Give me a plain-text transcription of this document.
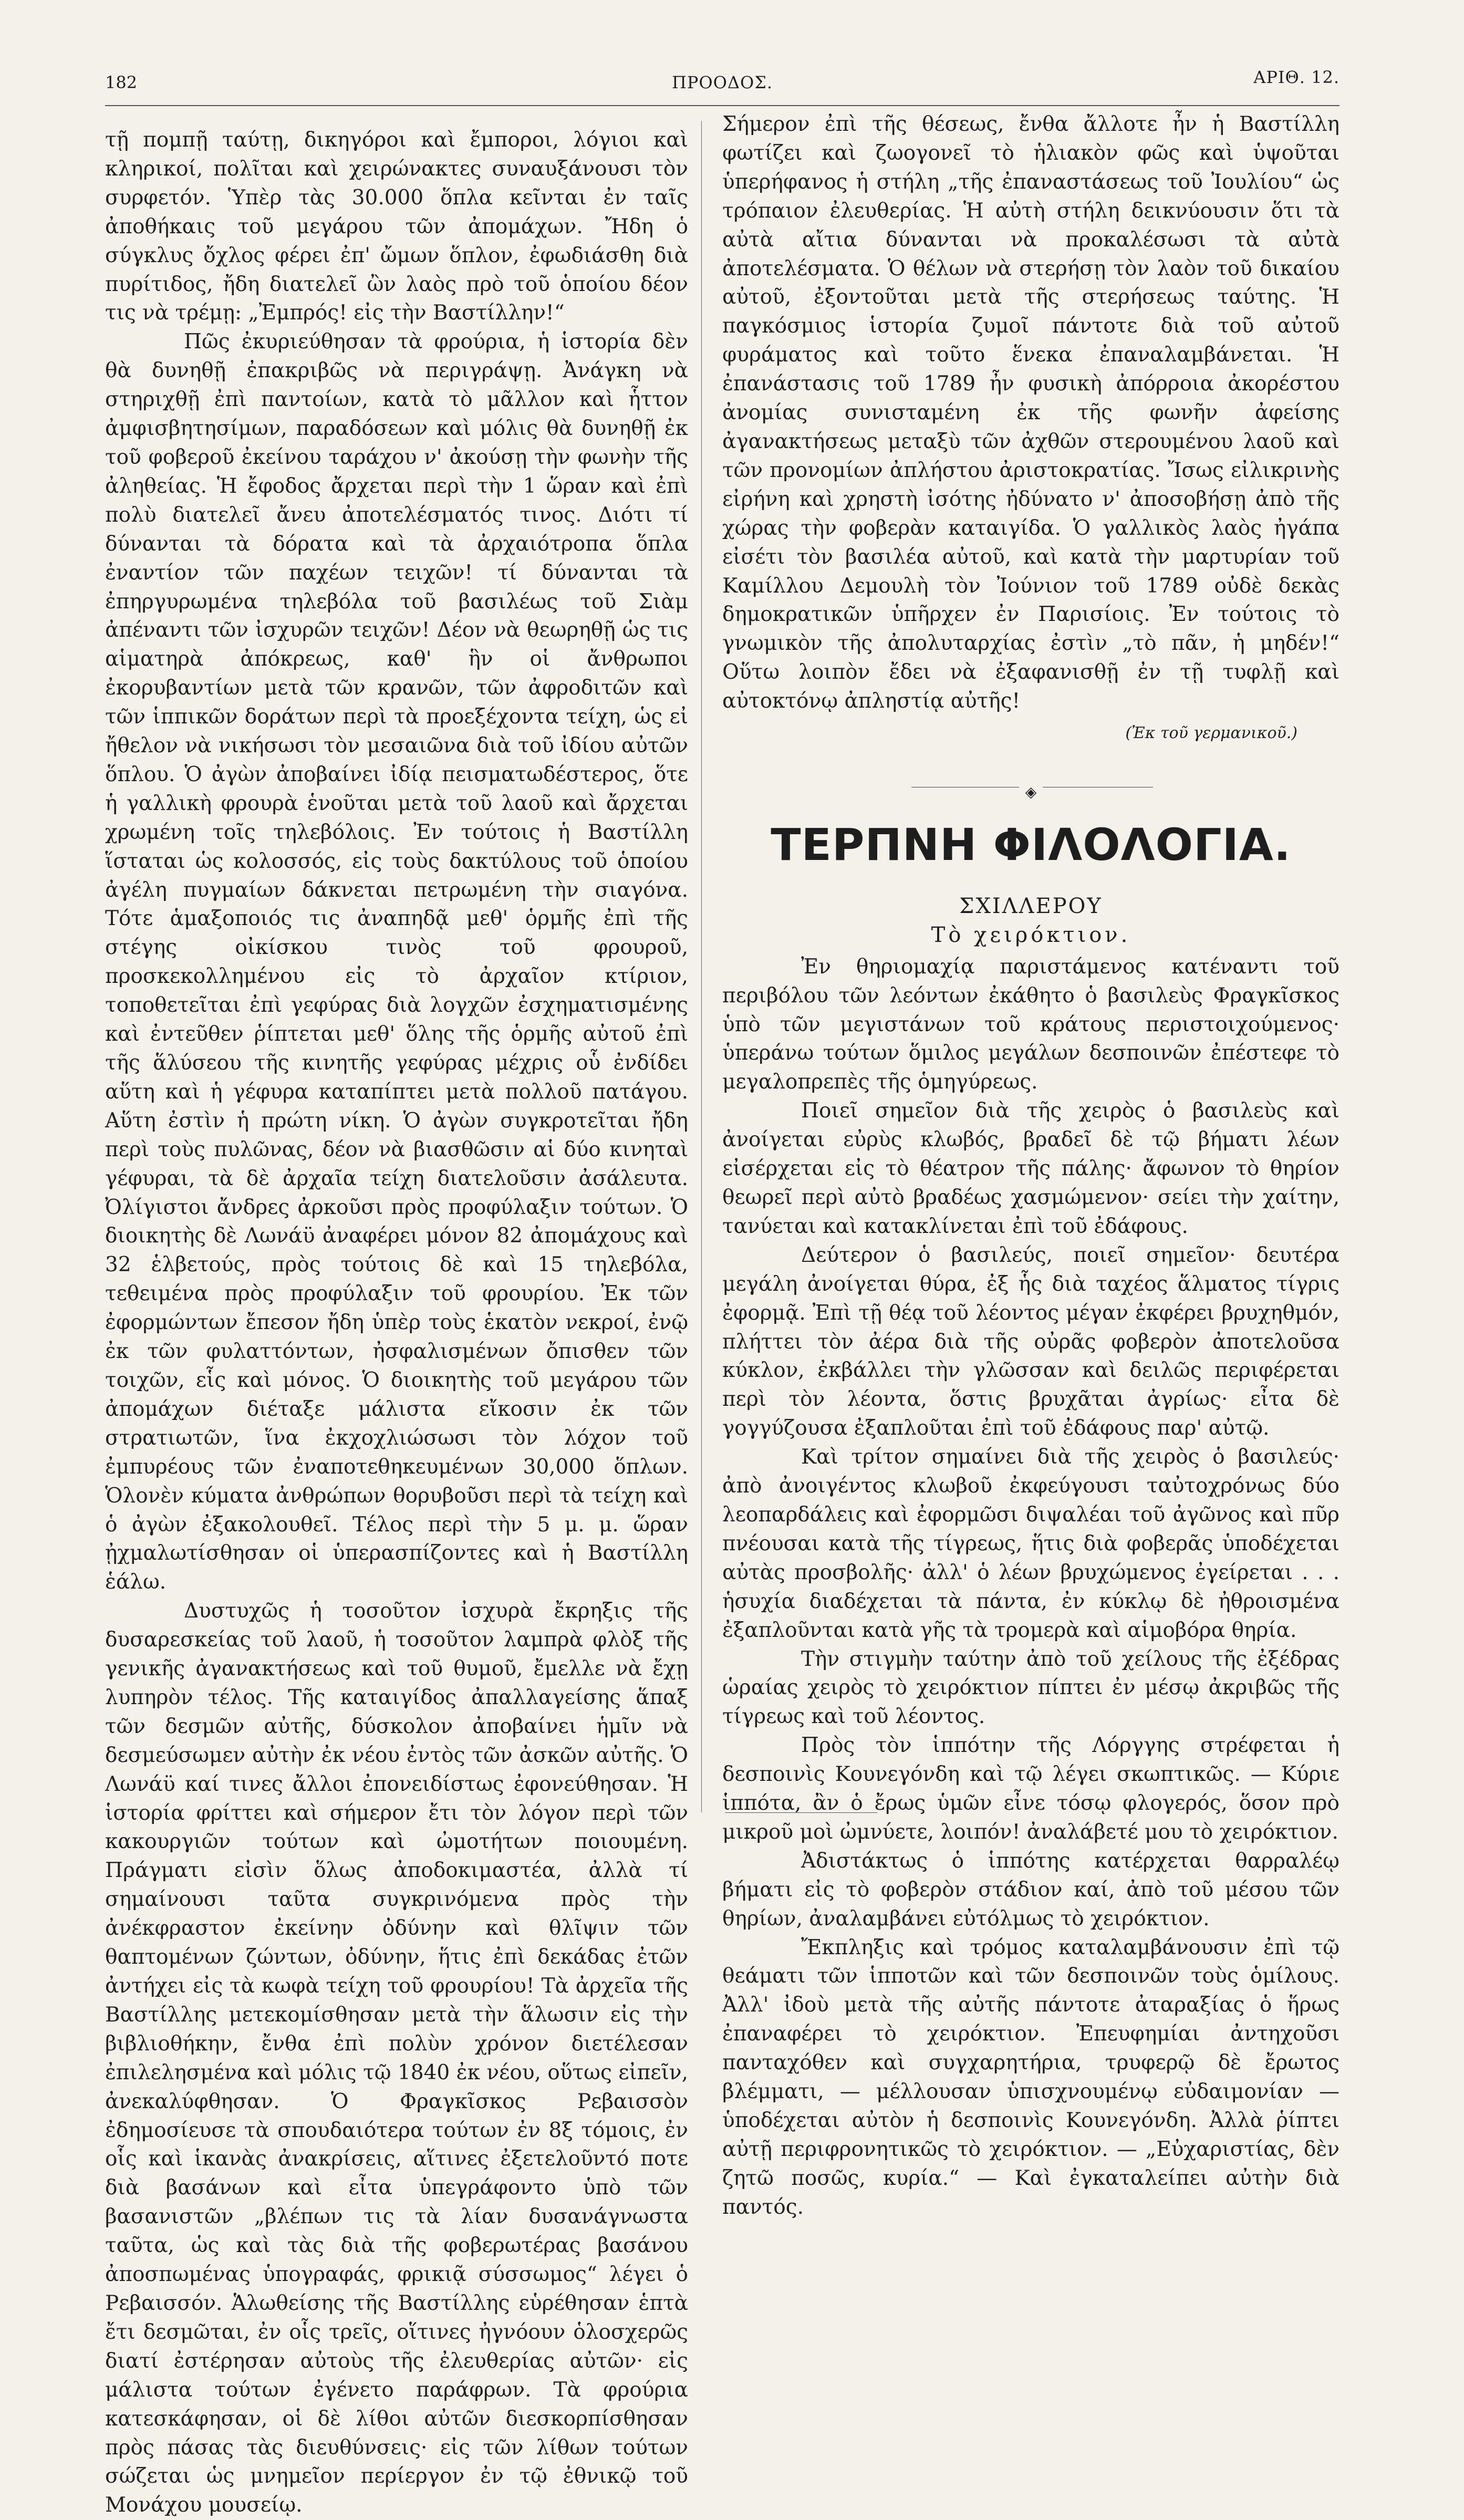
182	ΠΡΟΟΔΟΣ.	ΑΡΙΘ. 12.

τῇ πομπῇ ταύτῃ, δικηγόροι καὶ ἔμποροι, λόγιοι καὶ κληρικοί, πολῖται καὶ χειρώνακτες συναυξάνουσι τὸν συρφετόν. Ὑπὲρ τὰς 30.000 ὅπλα κεῖνται ἐν ταῖς ἀποθήκαις τοῦ μεγάρου τῶν ἀπομάχων. Ἤδη ὁ σύγκλυς ὄχλος φέρει ἐπ' ὤμων ὅπλον, ἐφωδιάσθη διὰ πυρίτιδος, ἤδη διατελεῖ ὢν λαὸς πρὸ τοῦ ὁποίου δέον τις νὰ τρέμῃ: „Ἐμπρός! εἰς τὴν Βαστίλλην!“

Πῶς ἐκυριεύθησαν τὰ φρούρια, ἡ ἱστορία δὲν θὰ δυνηθῇ ἐπακριβῶς νὰ περιγράψῃ. Ἀνάγκη νὰ στηριχθῇ ἐπὶ παντοίων, κατὰ τὸ μᾶλλον καὶ ἧττον ἀμφισβητησίμων, παραδόσεων καὶ μόλις θὰ δυνηθῇ ἐκ τοῦ φοβεροῦ ἐκείνου ταράχου ν' ἀκούσῃ τὴν φωνὴν τῆς ἀληθείας. Ἡ ἔφοδος ἄρχεται περὶ τὴν 1 ὥραν καὶ ἐπὶ πολὺ διατελεῖ ἄνευ ἀποτελέσματός τινος. Διότι τί δύνανται τὰ δόρατα καὶ τὰ ἀρχαιότροπα ὅπλα ἐναντίον τῶν παχέων τειχῶν! τί δύνανται τὰ ἐπηργυρωμένα τηλεβόλα τοῦ βασιλέως τοῦ Σιὰμ ἀπέναντι τῶν ἰσχυρῶν τειχῶν! Δέον νὰ θεωρηθῇ ὡς τις αἱματηρὰ ἀπόκρεως, καθ' ἣν οἱ ἄνθρωποι ἐκορυβαντίων μετὰ τῶν κρανῶν, τῶν ἀφροδιτῶν καὶ τῶν ἱππικῶν δοράτων περὶ τὰ προεξέχοντα τείχη, ὡς εἰ ἤθελον νὰ νικήσωσι τὸν μεσαιῶνα διὰ τοῦ ἰδίου αὐτῶν ὅπλου. Ὁ ἀγὼν ἀποβαίνει ἰδίᾳ πεισματωδέστερος, ὅτε ἡ γαλλικὴ φρουρὰ ἑνοῦται μετὰ τοῦ λαοῦ καὶ ἄρχεται χρωμένη τοῖς τηλεβόλοις. Ἐν τούτοις ἡ Βαστίλλη ἵσταται ὡς κολοσσός, εἰς τοὺς δακτύλους τοῦ ὁποίου ἀγέλη πυγμαίων δάκνεται πετρωμένη τὴν σιαγόνα. Τότε ἁμαξοποιός τις ἀναπηδᾷ μεθ' ὁρμῆς ἐπὶ τῆς στέγης οἰκίσκου τινὸς τοῦ φρουροῦ, προσκεκολλημένου εἰς τὸ ἀρχαῖον κτίριον, τοποθετεῖται ἐπὶ γεφύρας διὰ λογχῶν ἐσχηματισμένης καὶ ἐντεῦθεν ῥίπτεται μεθ' ὅλης τῆς ὁρμῆς αὐτοῦ ἐπὶ τῆς ἅλύσεου τῆς κινητῆς γεφύρας μέχρις οὗ ἐνδίδει αὕτη καὶ ἡ γέφυρα καταπίπτει μετὰ πολλοῦ πατάγου. Αὕτη ἐστὶν ἡ πρώτη νίκη. Ὁ ἀγὼν συγκροτεῖται ἤδη περὶ τοὺς πυλῶνας, δέον νὰ βιασθῶσιν αἱ δύο κινηταὶ γέφυραι, τὰ δὲ ἀρχαῖα τείχη διατελοῦσιν ἀσάλευτα. Ὀλίγιστοι ἄνδρες ἀρκοῦσι πρὸς προφύλαξιν τούτων. Ὁ διοικητὴς δὲ Λωνάϋ ἀναφέρει μόνον 82 ἀπομάχους καὶ 32 ἑλβετούς, πρὸς τούτοις δὲ καὶ 15 τηλεβόλα, τεθειμένα πρὸς προφύλαξιν τοῦ φρουρίου. Ἐκ τῶν ἐφορμώντων ἔπεσον ἤδη ὑπὲρ τοὺς ἑκατὸν νεκροί, ἐνῷ ἐκ τῶν φυλαττόντων, ἠσφαλισμένων ὄπισθεν τῶν τοιχῶν, εἷς καὶ μόνος. Ὁ διοικητὴς τοῦ μεγάρου τῶν ἀπομάχων διέταξε μάλιστα εἴκοσιν ἐκ τῶν στρατιωτῶν, ἵνα ἐκχοχλιώσωσι τὸν λόχον τοῦ ἐμπυρέους τῶν ἐναποτεθηκευμένων 30,000 ὅπλων. Ὁλονὲν κύματα ἀνθρώπων θορυβοῦσι περὶ τὰ τείχη καὶ ὁ ἀγὼν ἐξακολουθεῖ. Τέλος περὶ τὴν 5 μ. μ. ὥραν ᾐχμαλωτίσθησαν οἱ ὑπερασπίζοντες καὶ ἡ Βαστίλλη ἑάλω.

Δυστυχῶς ἡ τοσοῦτον ἰσχυρὰ ἔκρηξις τῆς δυσαρεσκείας τοῦ λαοῦ, ἡ τοσοῦτον λαμπρὰ φλὸξ τῆς γενικῆς ἀγανακτήσεως καὶ τοῦ θυμοῦ, ἔμελλε νὰ ἔχῃ λυπηρὸν τέλος. Τῆς καταιγίδος ἀπαλλαγείσης ἅπαξ τῶν δεσμῶν αὐτῆς, δύσκολον ἀποβαίνει ἡμῖν νὰ δεσμεύσωμεν αὐτὴν ἐκ νέου ἐντὸς τῶν ἀσκῶν αὐτῆς. Ὁ Λωνάϋ καί τινες ἄλλοι ἐπονειδίστως ἐφονεύθησαν. Ἡ ἱστορία φρίττει καὶ σήμερον ἔτι τὸν λόγον περὶ τῶν κακουργιῶν τούτων καὶ ὠμοτήτων ποιουμένη. Πράγματι εἰσὶν ὅλως ἀποδοκιμαστέα, ἀλλὰ τί σημαίνουσι ταῦτα συγκρινόμενα πρὸς τὴν ἀνέκφραστον ἐκείνην ὀδύνην καὶ θλῖψιν τῶν θαπτομένων ζώντων, ὀδύνην, ἥτις ἐπὶ δεκάδας ἐτῶν ἀντήχει εἰς τὰ κωφὰ τείχη τοῦ φρουρίου! Τὰ ἀρχεῖα τῆς Βαστίλλης μετεκομίσθησαν μετὰ τὴν ἅλωσιν εἰς τὴν βιβλιοθήκην, ἔνθα ἐπὶ πολὺν χρόνον διετέλεσαν ἐπιλελησμένα καὶ μόλις τῷ 1840 ἐκ νέου, οὕτως εἰπεῖν, ἀνεκαλύφθησαν. Ὁ Φραγκῖσκος Ρεβαισσὸν ἐδημοσίευσε τὰ σπουδαιότερα τούτων ἐν 8ξ τόμοις, ἐν οἷς καὶ ἱκανὰς ἀνακρίσεις, αἵτινες ἐξετελοῦντό ποτε διὰ βασάνων καὶ εἶτα ὑπεγράφοντο ὑπὸ τῶν βασανιστῶν „βλέπων τις τὰ λίαν δυσανάγνωστα ταῦτα, ὡς καὶ τὰς διὰ τῆς φοβερωτέρας βασάνου ἀποσπωμένας ὑπογραφάς, φρικιᾷ σύσσωμος“ λέγει ὁ Ρεβαισσόν. Ἁλωθείσης τῆς Βαστίλλης εὑρέθησαν ἑπτὰ ἔτι δεσμῶται, ἐν οἷς τρεῖς, οἵτινες ἠγνόουν ὁλοσχερῶς διατί ἐστέρησαν αὐτοὺς τῆς ἐλευθερίας αὐτῶν· εἰς μάλιστα τούτων ἐγένετο παράφρων. Τὰ φρούρια κατεσκάφησαν, οἱ δὲ λίθοι αὐτῶν διεσκορπίσθησαν πρὸς πάσας τὰς διευθύνσεις· εἰς τῶν λίθων τούτων σώζεται ὡς μνημεῖον περίεργον ἐν τῷ ἐθνικῷ τοῦ Μονάχου μουσείῳ.

Σήμερον ἐπὶ τῆς θέσεως, ἔνθα ἄλλοτε ἦν ἡ Βαστίλλη φωτίζει καὶ ζωογονεῖ τὸ ἡλιακὸν φῶς καὶ ὑψοῦται ὑπερήφανος ἡ στήλη „τῆς ἐπαναστάσεως τοῦ Ἰουλίου“ ὡς τρόπαιον ἐλευθερίας. Ἡ αὐτὴ στήλη δεικνύουσιν ὅτι τὰ αὐτὰ αἴτια δύνανται νὰ προκαλέσωσι τὰ αὐτὰ ἀποτελέσματα. Ὁ θέλων νὰ στερήσῃ τὸν λαὸν τοῦ δικαίου αὐτοῦ, ἐξοντοῦται μετὰ τῆς στερήσεως ταύτης. Ἡ παγκόσμιος ἱστορία ζυμοῖ πάντοτε διὰ τοῦ αὐτοῦ φυράματος καὶ τοῦτο ἕνεκα ἐπαναλαμβάνεται. Ἡ ἐπανάστασις τοῦ 1789 ἦν φυσικὴ ἀπόρροια ἀκορέστου ἀνομίας συνισταμένη ἐκ τῆς φωνῆν ἀφείσης ἀγανακτήσεως μεταξὺ τῶν ἀχθῶν στερουμένου λαοῦ καὶ τῶν προνομίων ἀπλήστου ἀριστοκρατίας. Ἴσως εἰλικρινὴς εἰρήνη καὶ χρηστὴ ἰσότης ἠδύνατο ν' ἀποσοβήσῃ ἀπὸ τῆς χώρας τὴν φοβερὰν καταιγίδα. Ὁ γαλλικὸς λαὸς ἠγάπα εἰσέτι τὸν βασιλέα αὐτοῦ, καὶ κατὰ τὴν μαρτυρίαν τοῦ Καμίλλου Δεμουλὴ τὸν Ἰούνιον τοῦ 1789 οὐδὲ δεκὰς δημοκρατικῶν ὑπῆρχεν ἐν Παρισίοις. Ἐν τούτοις τὸ γνωμικὸν τῆς ἀπολυταρχίας ἐστὶν „τὸ πᾶν, ἡ μηδέν!“ Οὕτω λοιπὸν ἔδει νὰ ἐξαφανισθῇ ἐν τῇ τυφλῇ καὶ αὐτοκτόνῳ ἀπληστίᾳ αὐτῆς!

(Ἐκ τοῦ γερμανικοῦ.)
◈
ΤΕΡΠΝΗ ΦΙΛΟΛΟΓΙΑ.
ΣΧΙΛΛΕΡΟΥ
Τὸ χειρόκτιον.

Ἐν θηριομαχίᾳ παριστάμενος κατέναντι τοῦ περιβόλου τῶν λεόντων ἐκάθητο ὁ βασιλεὺς Φραγκῖσκος ὑπὸ τῶν μεγιστάνων τοῦ κράτους περιστοιχούμενος· ὑπεράνω τούτων ὅμιλος μεγάλων δεσποινῶν ἐπέστεφε τὸ μεγαλοπρεπὲς τῆς ὁμηγύρεως.

Ποιεῖ σημεῖον διὰ τῆς χειρὸς ὁ βασιλεὺς καὶ ἀνοίγεται εὐρὺς κλωβός, βραδεῖ δὲ τῷ βήματι λέων εἰσέρχεται εἰς τὸ θέατρον τῆς πάλης· ἄφωνον τὸ θηρίον θεωρεῖ περὶ αὐτὸ βραδέως χασμώμενον· σείει τὴν χαίτην, τανύεται καὶ κατακλίνεται ἐπὶ τοῦ ἐδάφους.

Δεύτερον ὁ βασιλεύς, ποιεῖ σημεῖον· δευτέρα μεγάλη ἀνοίγεται θύρα, ἐξ ἧς διὰ ταχέος ἅλματος τίγρις ἐφορμᾷ. Ἐπὶ τῇ θέᾳ τοῦ λέοντος μέγαν ἐκφέρει βρυχηθμόν, πλήττει τὸν ἀέρα διὰ τῆς οὐρᾶς φοβερὸν ἀποτελοῦσα κύκλον, ἐκβάλλει τὴν γλῶσσαν καὶ δειλῶς περιφέρεται περὶ τὸν λέοντα, ὅστις βρυχᾶται ἀγρίως· εἶτα δὲ γογγύζουσα ἐξαπλοῦται ἐπὶ τοῦ ἐδάφους παρ' αὐτῷ.

Καὶ τρίτον σημαίνει διὰ τῆς χειρὸς ὁ βασιλεύς· ἀπὸ ἀνοιγέντος κλωβοῦ ἐκφεύγουσι ταὐτοχρόνως δύο λεοπαρδάλεις καὶ ἐφορμῶσι διψαλέαι τοῦ ἀγῶνος καὶ πῦρ πνέουσαι κατὰ τῆς τίγρεως, ἥτις διὰ φοβερᾶς ὑποδέχεται αὐτὰς προσβολῆς· ἀλλ' ὁ λέων βρυχώμενος ἐγείρεται . . . ἡσυχία διαδέχεται τὰ πάντα, ἐν κύκλῳ δὲ ἠθροισμένα ἐξαπλοῦνται κατὰ γῆς τὰ τρομερὰ καὶ αἱμοβόρα θηρία.

Τὴν στιγμὴν ταύτην ἀπὸ τοῦ χείλους τῆς ἐξέδρας ὡραίας χειρὸς τὸ χειρόκτιον πίπτει ἐν μέσῳ ἀκριβῶς τῆς τίγρεως καὶ τοῦ λέοντος.

Πρὸς τὸν ἱππότην τῆς Λόργγης στρέφεται ἡ δεσποινὶς Κουνεγόνδη καὶ τῷ λέγει σκωπτικῶς. — Κύριε ἱππότα, ἂν ὁ ἔρως ὑμῶν εἶνε τόσῳ φλογερός, ὅσον πρὸ μικροῦ μοὶ ὠμνύετε, λοιπόν! ἀναλάβετέ μου τὸ χειρόκτιον.

Ἀδιστάκτως ὁ ἱππότης κατέρχεται θαρραλέῳ βήματι εἰς τὸ φοβερὸν στάδιον καί, ἀπὸ τοῦ μέσου τῶν θηρίων, ἀναλαμβάνει εὐτόλμως τὸ χειρόκτιον.

Ἔκπληξις καὶ τρόμος καταλαμβάνουσιν ἐπὶ τῷ θεάματι τῶν ἱπποτῶν καὶ τῶν δεσποινῶν τοὺς ὁμίλους. Ἀλλ' ἰδοὺ μετὰ τῆς αὐτῆς πάντοτε ἀταραξίας ὁ ἥρως ἐπαναφέρει τὸ χειρόκτιον. Ἐπευφημίαι ἀντηχοῦσι πανταχόθεν καὶ συγχαρητήρια, τρυφερῷ δὲ ἔρωτος βλέμματι, — μέλλουσαν ὑπισχνουμένῳ εὐδαιμονίαν — ὑποδέχεται αὐτὸν ἡ δεσποινὶς Κουνεγόνδη. Ἀλλὰ ῥίπτει αὐτῇ περιφρονητικῶς τὸ χειρόκτιον. — „Εὐχαριστίας, δὲν ζητῶ ποσῶς, κυρία.“ — Καὶ ἐγκαταλείπει αὐτὴν διὰ παντός.
